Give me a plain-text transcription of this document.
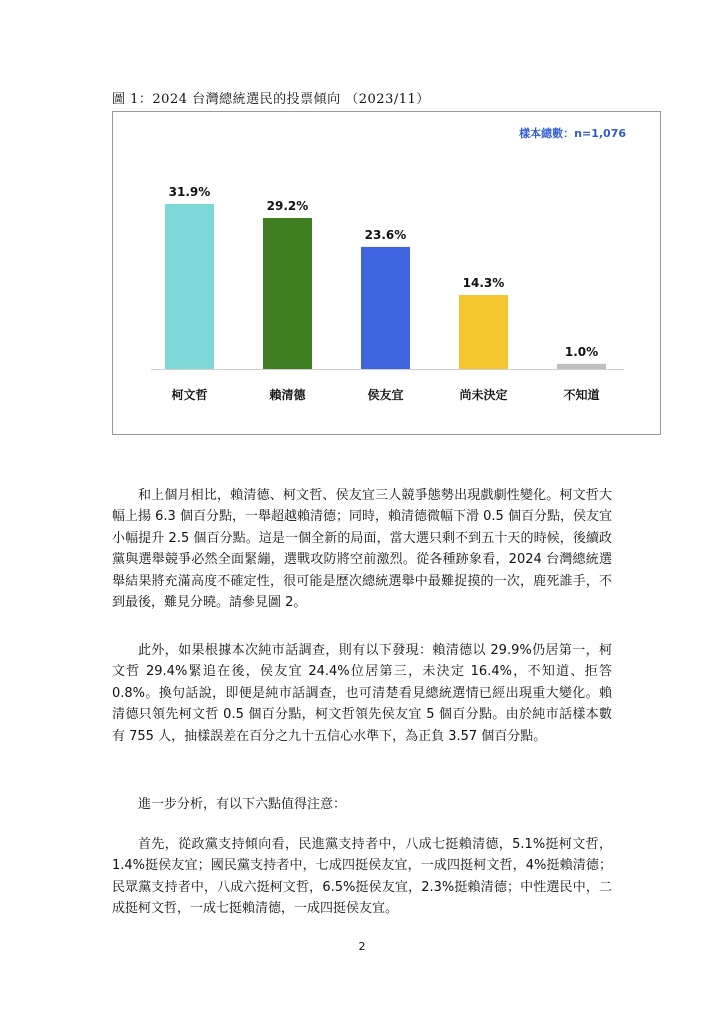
圖 1：2024 台灣總統選民的投票傾向 （2023/11）
31.9%
柯文哲
29.2%
賴清德
23.6%
侯友宜
14.3%
尚未決定
1.0%
不知道
樣本總數：n=1,076

和上個月相比，賴清德、柯文哲、侯友宜三人競爭態勢出現戲劇性變化。柯文哲大幅上揚 6.3 個百分點，一舉超越賴清德；同時，賴清德微幅下滑 0.5 個百分點，侯友宜小幅提升 2.5 個百分點。這是一個全新的局面，當大選只剩不到五十天的時候，後續政黨與選舉競爭必然全面緊繃，選戰攻防將空前激烈。從各種跡象看，2024 台灣總統選舉結果將充滿高度不確定性，很可能是歷次總統選舉中最難捉摸的一次，鹿死誰手，不到最後，難見分曉。請參見圖 2。

此外，如果根據本次純市話調查，則有以下發現：賴清德以 29.9%仍居第一，柯文哲 29.4%緊追在後，侯友宜 24.4%位居第三，未決定 16.4%，不知道、拒答 0.8%。換句話說，即便是純市話調查，也可清楚看見總統選情已經出現重大變化。賴清德只領先柯文哲 0.5 個百分點，柯文哲領先侯友宜 5 個百分點。由於純市話樣本數有 755 人，抽樣誤差在百分之九十五信心水準下，為正負 3.57 個百分點。

進一步分析，有以下六點值得注意：

首先，從政黨支持傾向看，民進黨支持者中，八成七挺賴清德，5.1%挺柯文哲，1.4%挺侯友宜；國民黨支持者中，七成四挺侯友宜，一成四挺柯文哲，4%挺賴清德；民眾黨支持者中，八成六挺柯文哲，6.5%挺侯友宜，2.3%挺賴清德；中性選民中，二成挺柯文哲，一成七挺賴清德，一成四挺侯友宜。

2
